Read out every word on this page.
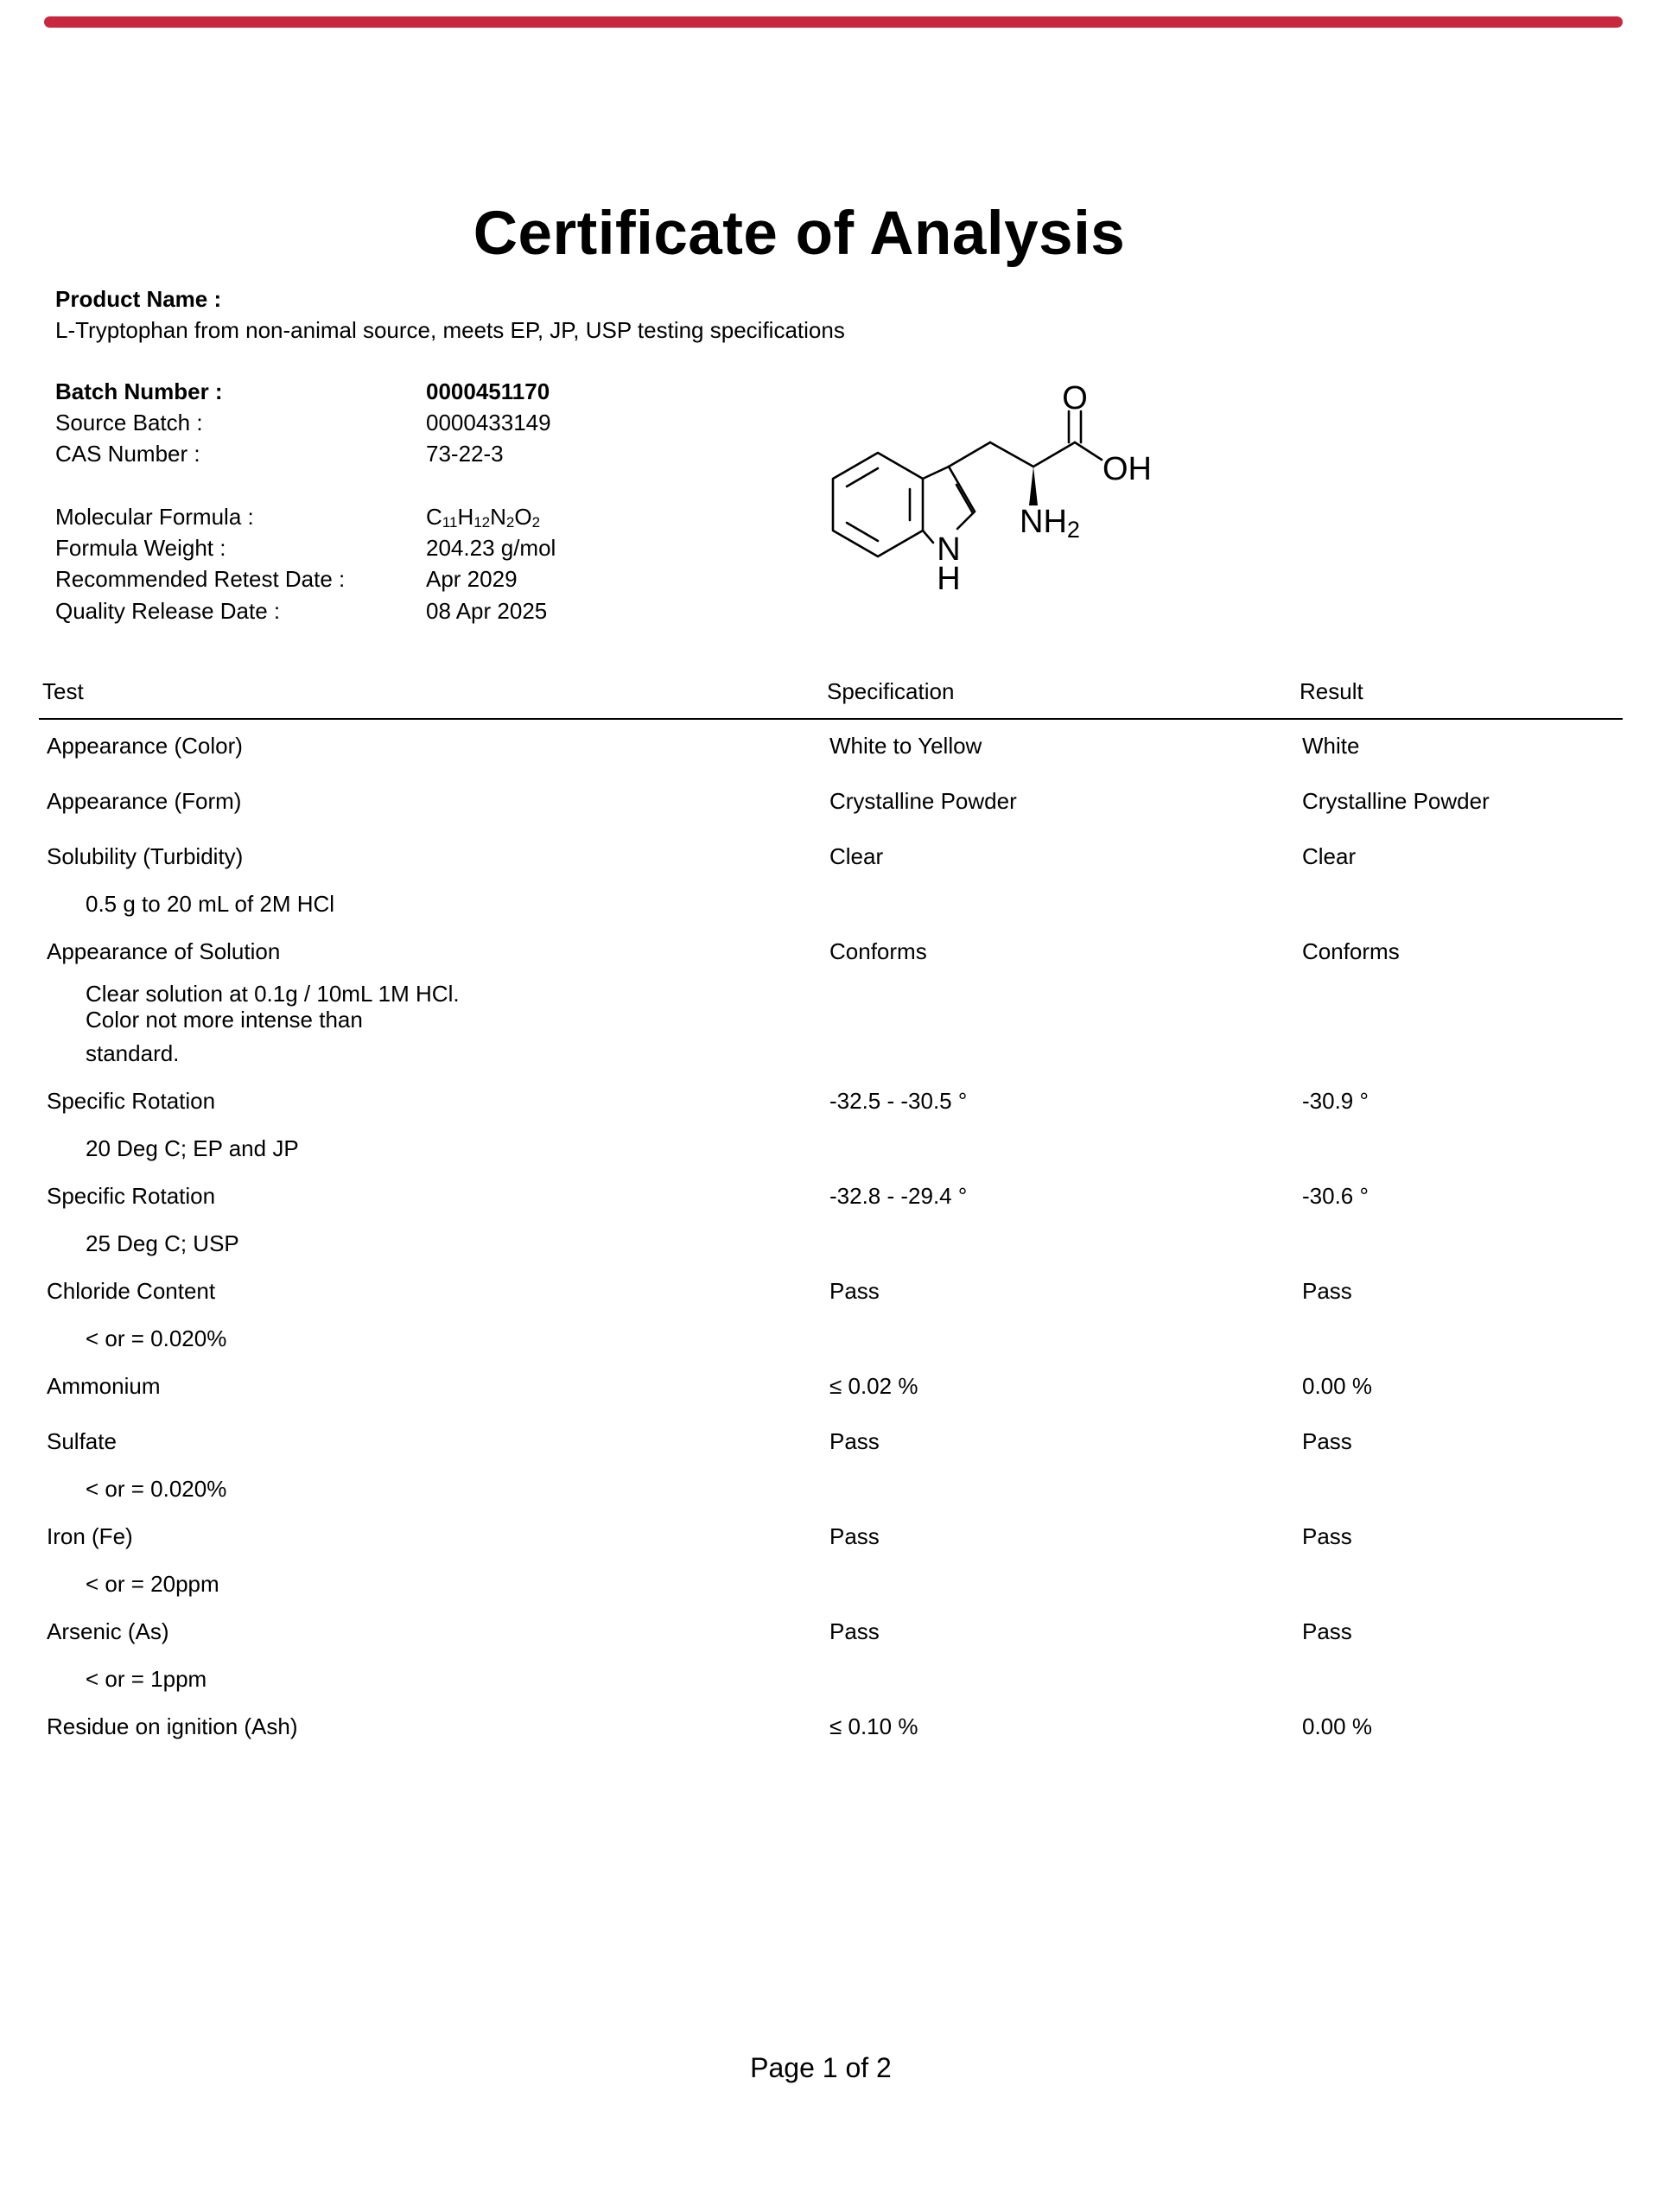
Certificate of Analysis
Product Name :
L-Tryptophan from non-animal source, meets EP, JP, USP testing specifications
Batch Number :	0000451170
Source Batch :	0000433149
CAS Number :	73-22-3
Molecular Formula :	C11H12N2O2
Formula Weight :	204.23 g/mol
Recommended Retest Date :	Apr 2029
Quality Release Date :	08 Apr 2025
O
OH
NH2
N
H
Test	Specification	Result
Appearance (Color)	White to Yellow	White
Appearance (Form)	Crystalline Powder	Crystalline Powder
Solubility (Turbidity)	Clear	Clear
0.5 g to 20 mL of 2M HCl
Appearance of Solution	Conforms	Conforms
Clear solution at 0.1g / 10mL 1M HCl.
Color not more intense than
standard.
Specific Rotation	-32.5 - -30.5 °	-30.9 °
20 Deg C; EP and JP
Specific Rotation	-32.8 - -29.4 °	-30.6 °
25 Deg C; USP
Chloride Content	Pass	Pass
< or = 0.020%
Ammonium	≤ 0.02 %	0.00 %
Sulfate	Pass	Pass
< or = 0.020%
Iron (Fe)	Pass	Pass
< or = 20ppm
Arsenic (As)	Pass	Pass
< or = 1ppm
Residue on ignition (Ash)	≤ 0.10 %	0.00 %
Page 1 of 2
